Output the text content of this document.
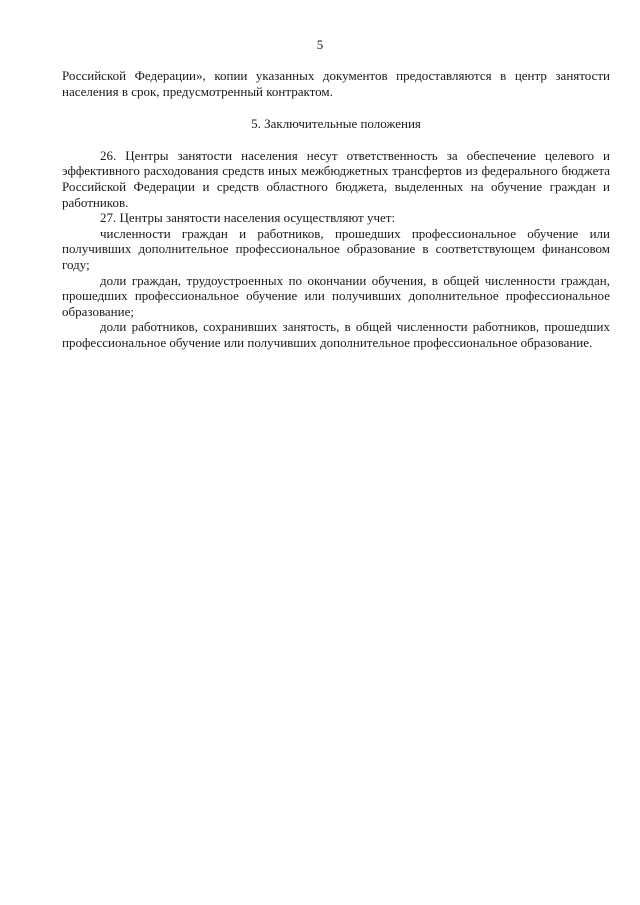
5

Российской Федерации», копии указанных документов предоставляются в центр занятости населения в срок, предусмотренный контрактом.

5. Заключительные положения

26. Центры занятости населения несут ответственность за обеспечение целевого и эффективного расходования средств иных межбюджетных трансфертов из федерального бюджета Российской Федерации и средств областного бюджета, выделенных на обучение граждан и работников.

27. Центры занятости населения осуществляют учет:

численности граждан и работников, прошедших профессиональное обучение или получивших дополнительное профессиональное образование в соответствующем финансовом году;

доли граждан, трудоустроенных по окончании обучения, в общей численности граждан, прошедших профессиональное обучение или получивших дополнительное профессиональное образование;

доли работников, сохранивших занятость, в общей численности работников, прошедших профессиональное обучение или получивших дополнительное профессиональное образование.
